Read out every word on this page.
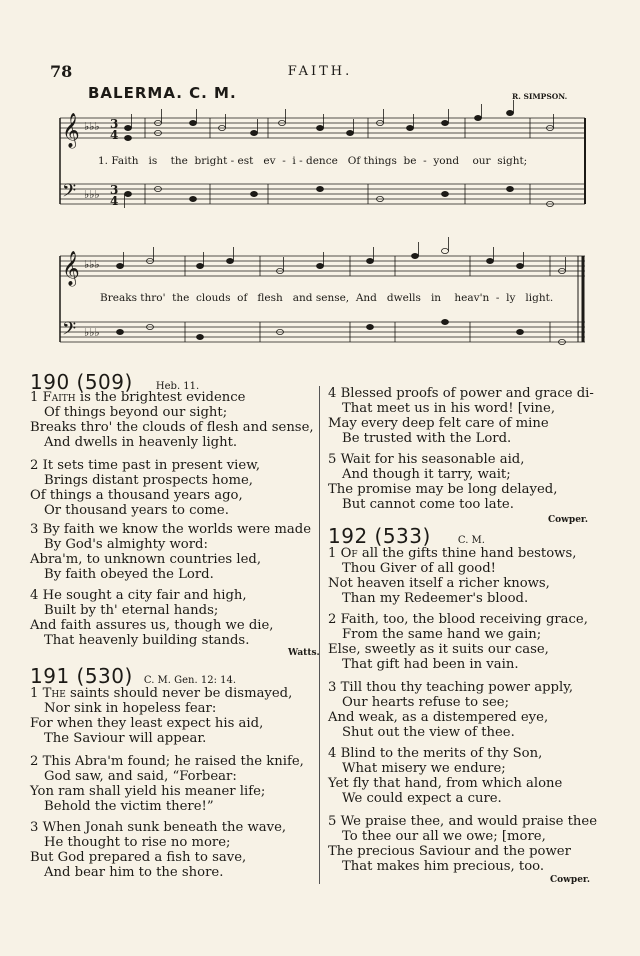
78	FAITH.
BALERMA. C. M.	R. SIMPSON.
𝄞
𝄢
𝄞
𝄢
♭♭♭
♭♭♭
♭♭♭
♭♭♭
3
4
3
4
1. Faith   is    the  bright - est   ev  -  i - dence   Of things  be  -  yond    our  sight;
Breaks thro'  the  clouds  of   flesh   and sense,  And   dwells   in    heav'n  -  ly   light.
190 (509) Heb. 11.
1 Faith is the brightest evidence
Of things beyond our sight;
Breaks thro' the clouds of flesh and sense,
And dwells in heavenly light.
2 It sets time past in present view,
Brings distant prospects home,
Of things a thousand years ago,
Or thousand years to come.
3 By faith we know the worlds were made
By God's almighty word:
Abra'm, to unknown countries led,
By faith obeyed the Lord.
4 He sought a city fair and high,
Built by th' eternal hands;
And faith assures us, though we die,
That heavenly building stands.
Watts.
191 (530) C. M. Gen. 12: 14.
1 The saints should never be dismayed,
Nor sink in hopeless fear:
For when they least expect his aid,
The Saviour will appear.
2 This Abra'm found; he raised the knife,
God saw, and said, “Forbear:
Yon ram shall yield his meaner life;
Behold the victim there!”
3 When Jonah sunk beneath the wave,
He thought to rise no more;
But God prepared a fish to save,
And bear him to the shore.
4 Blessed proofs of power and grace di-
That meet us in his word! [vine,
May every deep felt care of mine
Be trusted with the Lord.
5 Wait for his seasonable aid,
And though it tarry, wait;
The promise may be long delayed,
But cannot come too late.
Cowper.
192 (533)	C. M.
1 Of all the gifts thine hand bestows,
Thou Giver of all good!
Not heaven itself a richer knows,
Than my Redeemer's blood.
2 Faith, too, the blood receiving grace,
From the same hand we gain;
Else, sweetly as it suits our case,
That gift had been in vain.
3 Till thou thy teaching power apply,
Our hearts refuse to see;
And weak, as a distempered eye,
Shut out the view of thee.
4 Blind to the merits of thy Son,
What misery we endure;
Yet fly that hand, from which alone
We could expect a cure.
5 We praise thee, and would praise thee
To thee our all we owe; [more,
The precious Saviour and the power
That makes him precious, too.
Cowper.
